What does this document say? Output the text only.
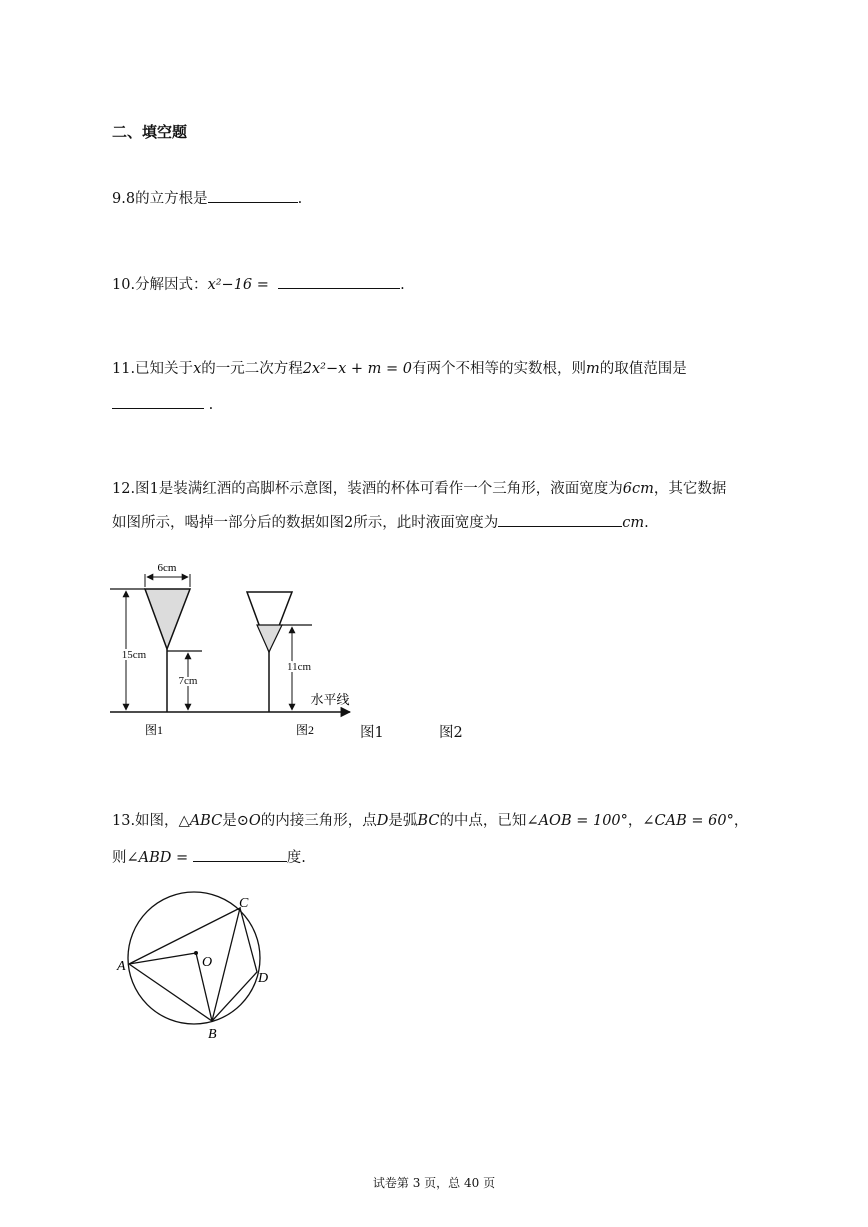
二、填空题
9.8的立方根是	.
10.分解因式：x²−16 =	.
11.已知关于x的一元二次方程2x²−x + m = 0有两个不相等的实数根，则m的取值范围是
.
12.图1是装满红酒的高脚杯示意图，装酒的杯体可看作一个三角形，液面宽度为6cm，其它数据
如图所示，喝掉一部分后的数据如图2所示，此时液面宽度为	cm.
6cm
15cm
7cm
11cm
水平线
图1	图2	图1	图2
13.如图，△ABC是⊙O的内接三角形，点D是弧BC的中点，已知∠AOB = 100°，∠CAB = 60°，
则∠ABD =	度.
A
B
C
D
O
试卷第 3 页，总 40 页
